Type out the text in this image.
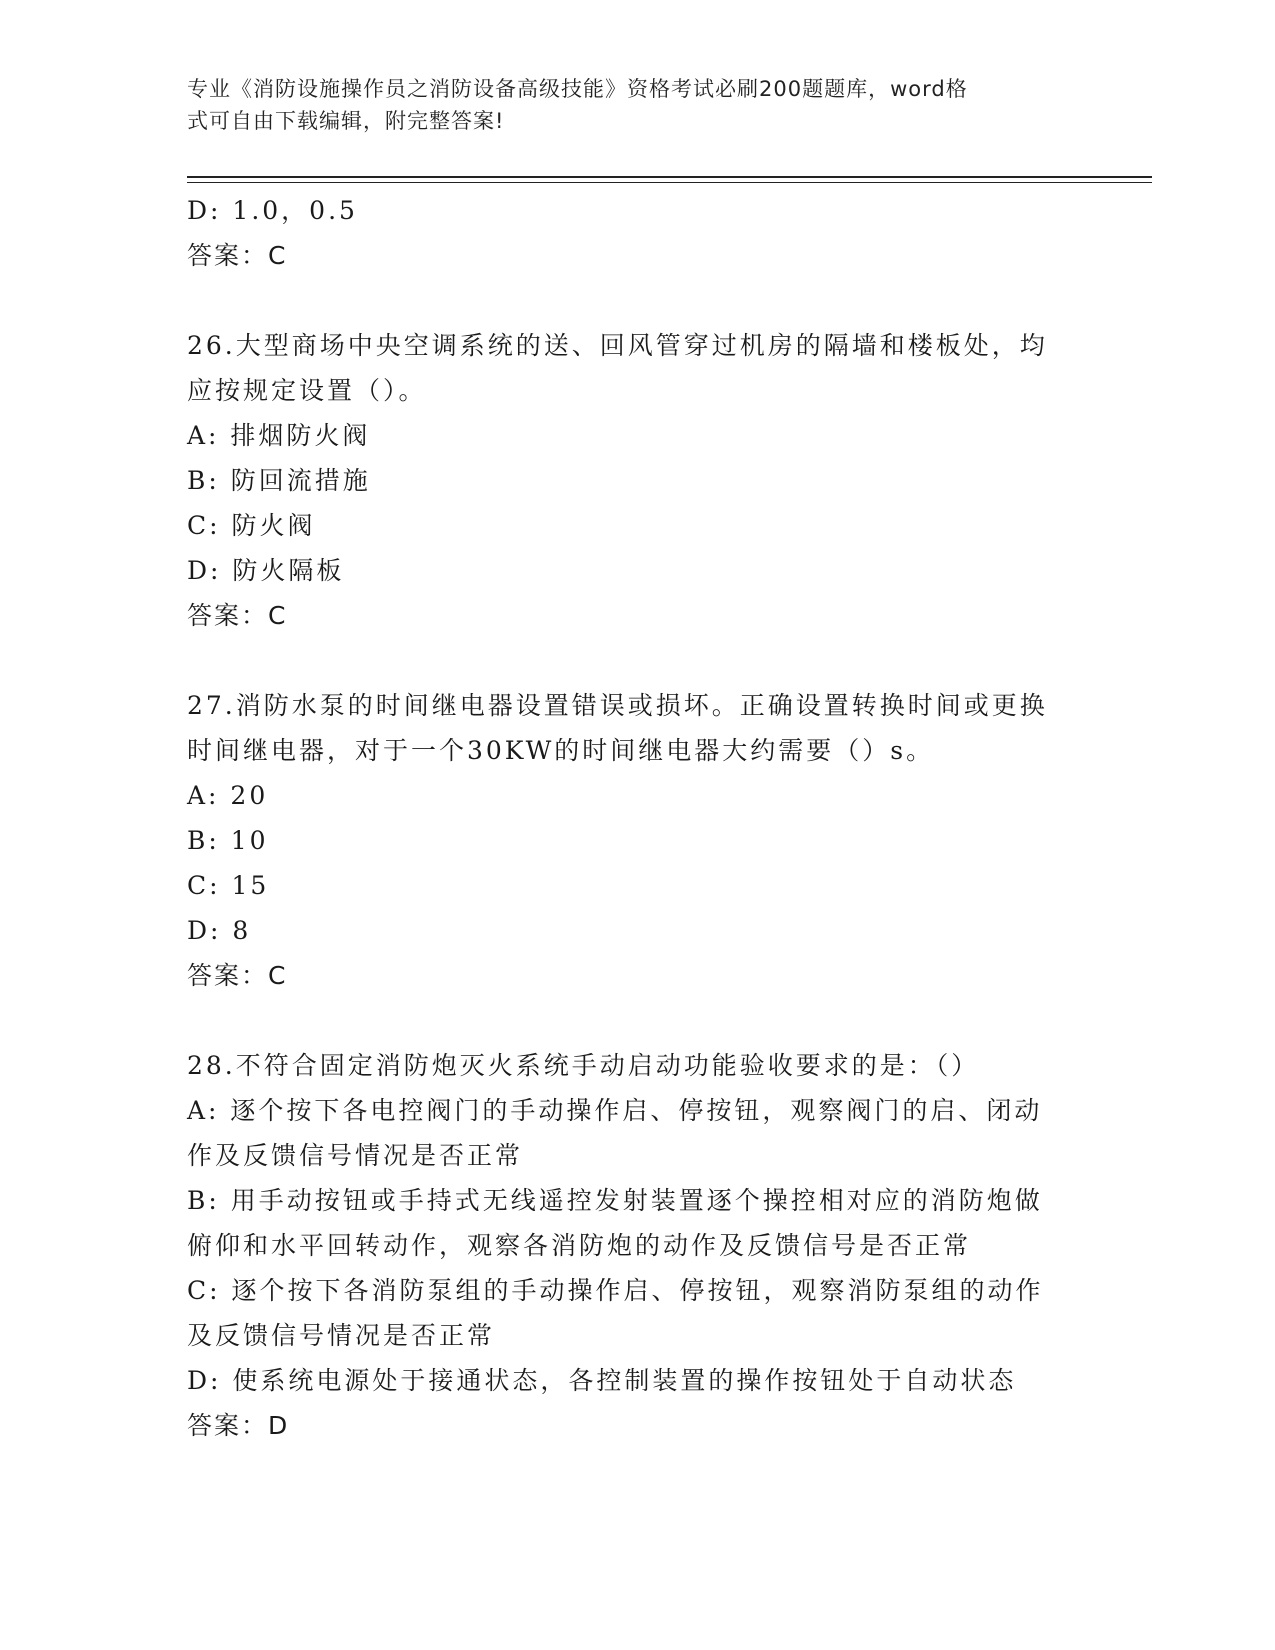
专业《消防设施操作员之消防设备高级技能》资格考试必刷200题题库，word格
式可自由下载编辑，附完整答案!
D: 1.0，0.5
答案：C
26.大型商场中央空调系统的送、回风管穿过机房的隔墙和楼板处，均
应按规定设置（）。
A: 排烟防火阀
B: 防回流措施
C: 防火阀
D: 防火隔板
答案：C
27.消防水泵的时间继电器设置错误或损坏。正确设置转换时间或更换
时间继电器，对于一个30KW的时间继电器大约需要（）s。
A: 20
B: 10
C: 15
D: 8
答案：C
28.不符合固定消防炮灭火系统手动启动功能验收要求的是：（）
A: 逐个按下各电控阀门的手动操作启、停按钮，观察阀门的启、闭动
作及反馈信号情况是否正常
B: 用手动按钮或手持式无线遥控发射装置逐个操控相对应的消防炮做
俯仰和水平回转动作，观察各消防炮的动作及反馈信号是否正常
C: 逐个按下各消防泵组的手动操作启、停按钮，观察消防泵组的动作
及反馈信号情况是否正常
D: 使系统电源处于接通状态，各控制装置的操作按钮处于自动状态
答案：D
